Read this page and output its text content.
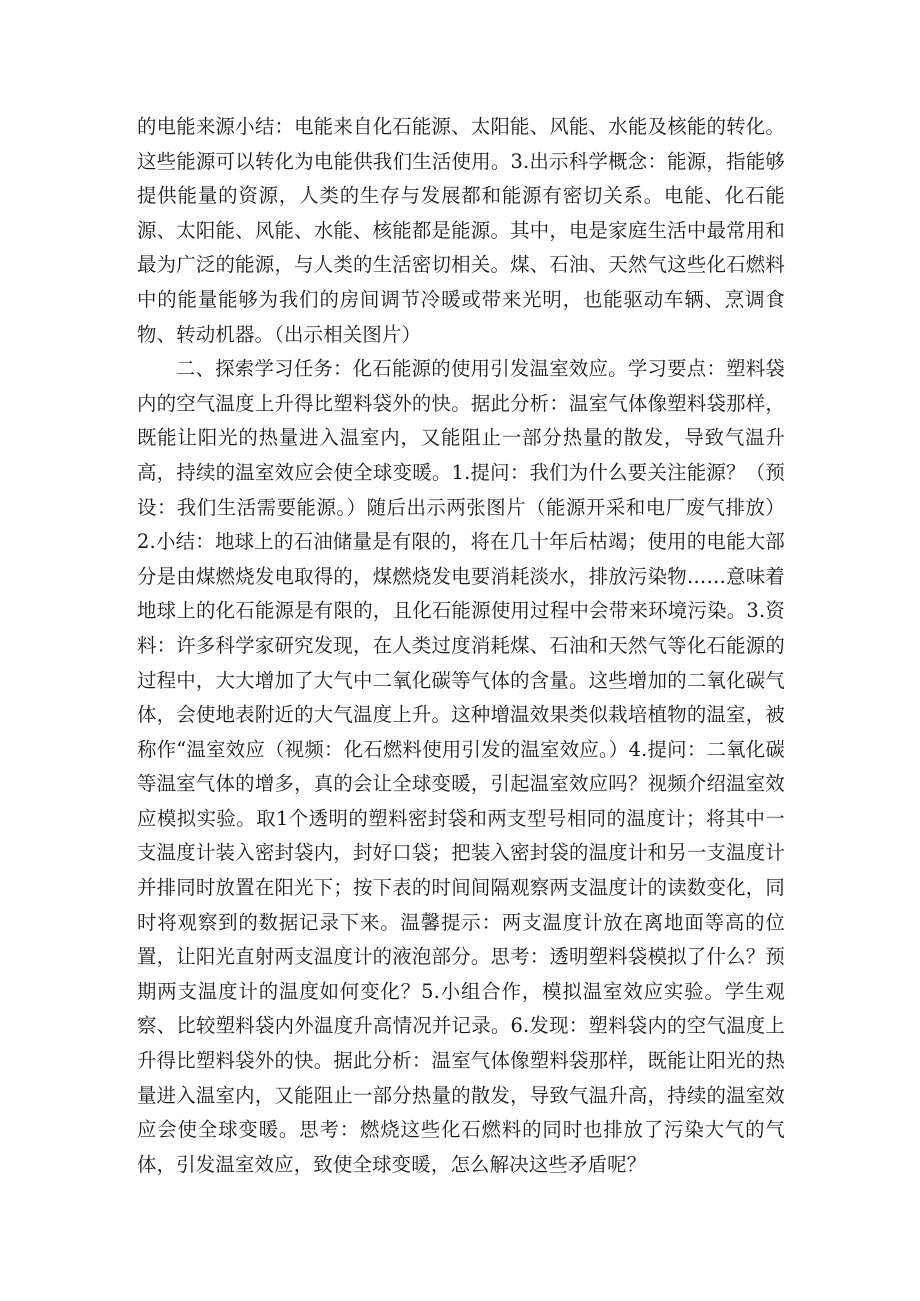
的电能来源小结：电能来自化石能源、太阳能、风能、水能及核能的转化。这些能源可以转化为电能供我们生活使用。3.出示科学概念：能源，指能够提供能量的资源，人类的生存与发展都和能源有密切关系。电能、化石能源、太阳能、风能、水能、核能都是能源。其中，电是家庭生活中最常用和最为广泛的能源，与人类的生活密切相关。煤、石油、天然气这些化石燃料中的能量能够为我们的房间调节冷暖或带来光明，也能驱动车辆、烹调食物、转动机器。（出示相关图片）

二、探索学习任务：化石能源的使用引发温室效应。学习要点：塑料袋内的空气温度上升得比塑料袋外的快。据此分析：温室气体像塑料袋那样，既能让阳光的热量进入温室内，又能阻止一部分热量的散发，导致气温升高，持续的温室效应会使全球变暖。1.提问：我们为什么要关注能源？（预设：我们生活需要能源。）随后出示两张图片（能源开采和电厂废气排放）2.小结：地球上的石油储量是有限的，将在几十年后枯竭；使用的电能大部分是由煤燃烧发电取得的，煤燃烧发电要消耗淡水，排放污染物……意味着地球上的化石能源是有限的，且化石能源使用过程中会带来环境污染。3.资料：许多科学家研究发现，在人类过度消耗煤、石油和天然气等化石能源的过程中，大大增加了大气中二氧化碳等气体的含量。这些增加的二氧化碳气体，会使地表附近的大气温度上升。这种增温效果类似栽培植物的温室，被称作“温室效应（视频：化石燃料使用引发的温室效应。）4.提问：二氧化碳等温室气体的增多，真的会让全球变暖，引起温室效应吗？视频介绍温室效应模拟实验。取1个透明的塑料密封袋和两支型号相同的温度计；将其中一支温度计装入密封袋内，封好口袋；把装入密封袋的温度计和另一支温度计并排同时放置在阳光下；按下表的时间间隔观察两支温度计的读数变化，同时将观察到的数据记录下来。温馨提示：两支温度计放在离地面等高的位置，让阳光直射两支温度计的液泡部分。思考：透明塑料袋模拟了什么？预期两支温度计的温度如何变化？5.小组合作，模拟温室效应实验。学生观察、比较塑料袋内外温度升高情况并记录。6.发现：塑料袋内的空气温度上升得比塑料袋外的快。据此分析：温室气体像塑料袋那样，既能让阳光的热量进入温室内，又能阻止一部分热量的散发，导致气温升高，持续的温室效应会使全球变暖。思考：燃烧这些化石燃料的同时也排放了污染大气的气体，引发温室效应，致使全球变暖，怎么解决这些矛盾呢？
